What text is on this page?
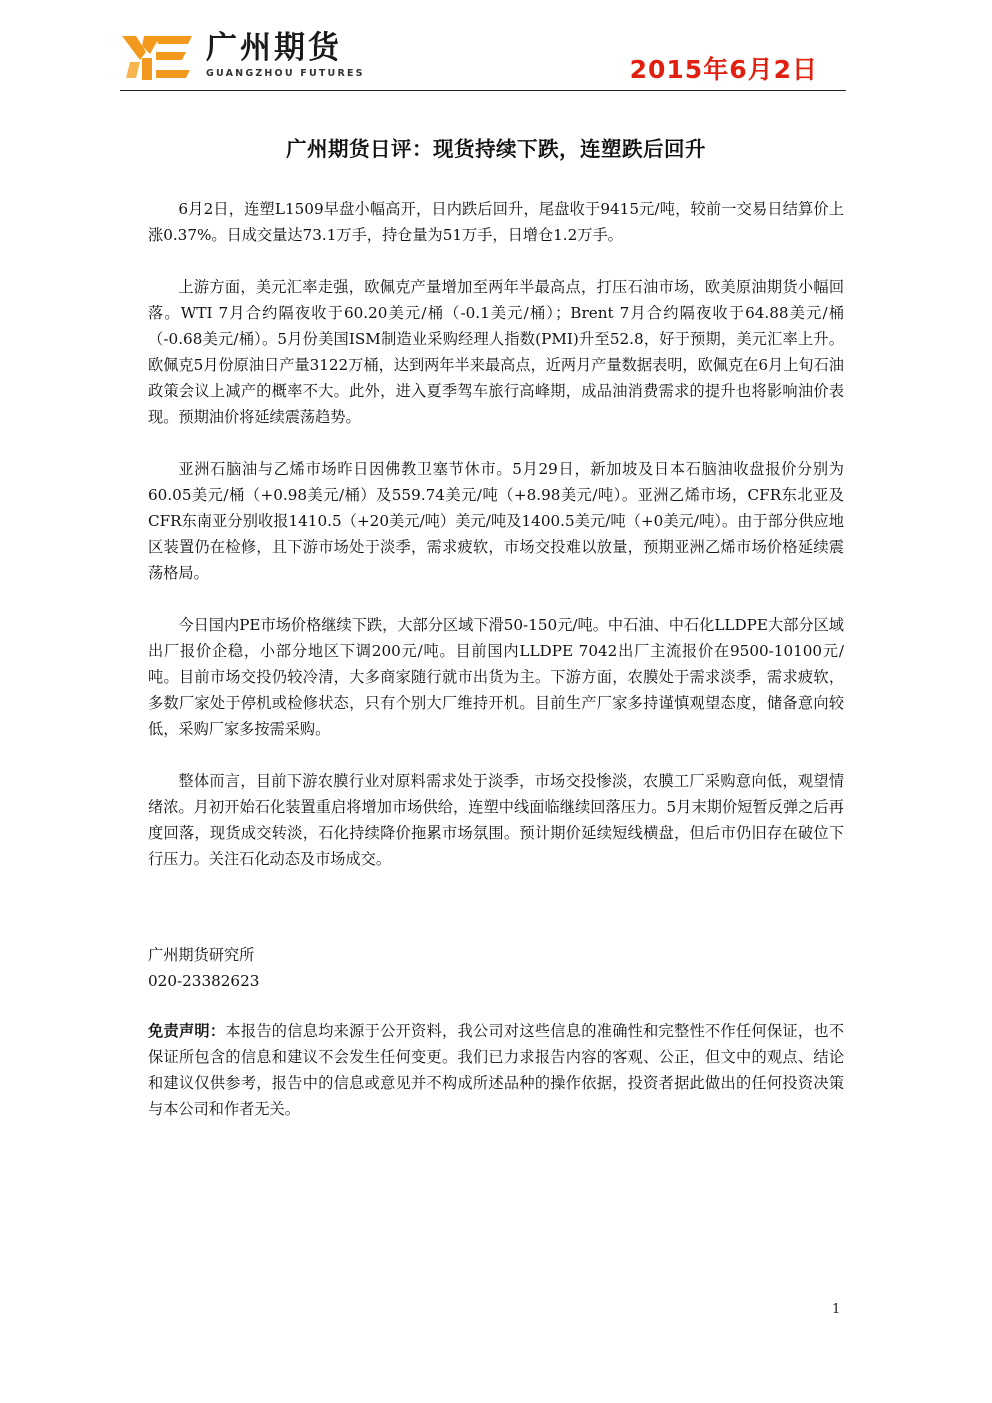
广州期货
GUANGZHOU FUTURES	2015年6月2日
广州期货日评：现货持续下跌，连塑跌后回升

6月2日，连塑L1509早盘小幅高开，日内跌后回升，尾盘收于9415元/吨，较前一交易日结算价上涨0.37%。日成交量达73.1万手，持仓量为51万手，日增仓1.2万手。

上游方面，美元汇率走强，欧佩克产量增加至两年半最高点，打压石油市场，欧美原油期货小幅回落。WTI 7月合约隔夜收于60.20美元/桶（-0.1美元/桶）；Brent 7月合约隔夜收于64.88美元/桶（-0.68美元/桶）。5月份美国ISM制造业采购经理人指数(PMI)升至52.8，好于预期，美元汇率上升。欧佩克5月份原油日产量3122万桶，达到两年半来最高点，近两月产量数据表明，欧佩克在6月上旬石油政策会议上减产的概率不大。此外，进入夏季驾车旅行高峰期，成品油消费需求的提升也将影响油价表现。预期油价将延续震荡趋势。

亚洲石脑油与乙烯市场昨日因佛教卫塞节休市。5月29日，新加坡及日本石脑油收盘报价分别为60.05美元/桶（+0.98美元/桶）及559.74美元/吨（+8.98美元/吨）。亚洲乙烯市场，CFR东北亚及CFR东南亚分别收报1410.5（+20美元/吨）美元/吨及1400.5美元/吨（+0美元/吨）。由于部分供应地区装置仍在检修，且下游市场处于淡季，需求疲软，市场交投难以放量，预期亚洲乙烯市场价格延续震荡格局。

今日国内PE市场价格继续下跌，大部分区域下滑50-150元/吨。中石油、中石化LLDPE大部分区域出厂报价企稳，小部分地区下调200元/吨。目前国内LLDPE 7042出厂主流报价在9500-10100元/吨。目前市场交投仍较冷清，大多商家随行就市出货为主。下游方面，农膜处于需求淡季，需求疲软，多数厂家处于停机或检修状态，只有个别大厂维持开机。目前生产厂家多持谨慎观望态度，储备意向较低，采购厂家多按需采购。

整体而言，目前下游农膜行业对原料需求处于淡季，市场交投惨淡，农膜工厂采购意向低，观望情绪浓。月初开始石化装置重启将增加市场供给，连塑中线面临继续回落压力。5月末期价短暂反弹之后再度回落，现货成交转淡，石化持续降价拖累市场氛围。预计期价延续短线横盘，但后市仍旧存在破位下行压力。关注石化动态及市场成交。

广州期货研究所

020-23382623

免责声明：本报告的信息均来源于公开资料，我公司对这些信息的准确性和完整性不作任何保证，也不保证所包含的信息和建议不会发生任何变更。我们已力求报告内容的客观、公正，但文中的观点、结论和建议仅供参考，报告中的信息或意见并不构成所述品种的操作依据，投资者据此做出的任何投资决策与本公司和作者无关。
1
